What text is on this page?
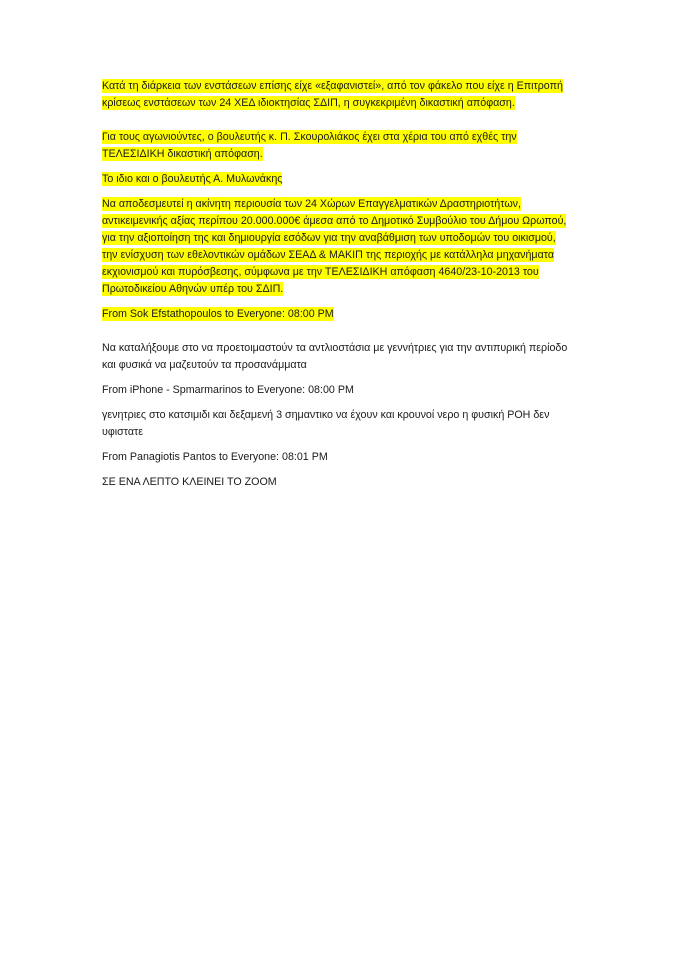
Κατά τη διάρκεια των ενστάσεων επίσης είχε «εξαφανιστεί», από τον φάκελο που είχε η Επιτροπή κρίσεως ενστάσεων των 24 ΧΕΔ ιδιοκτησίας ΣΔΙΠ, η συγκεκριμένη δικαστική απόφαση.

Για τους αγωνιούντες, ο βουλευτής κ. Π. Σκουρολιάκος έχει στα χέρια του από εχθές την ΤΕΛΕΣΙΔΙΚΗ δικαστική απόφαση.

Το ιδιο και ο βουλευτής Α. Μυλωνάκης

Να αποδεσμευτεί η ακίνητη περιουσία των 24 Χώρων Επαγγελματικών Δραστηριοτήτων, αντικειμενικής αξίας περίπου 20.000.000€ άμεσα από το Δημοτικό Συμβούλιο του Δήμου Ωρωπού, για την αξιοποίηση της και δημιουργία εσόδων για την αναβάθμιση των υποδομών του οικισμού, την ενίσχυση των εθελοντικών ομάδων ΣΕΑΔ & ΜΑΚΙΠ της περιοχής με κατάλληλα μηχανήματα εκχιονισμού και πυρόσβεσης, σύμφωνα με την ΤΕΛΕΣΙΔΙΚΗ απόφαση 4640/23-10-2013 του Πρωτοδικείου Αθηνών υπέρ του ΣΔΙΠ.

From Sok Efstathopoulos to Everyone: 08:00 PM

Να καταλήξουμε στο να προετοιμαστούν τα αντλιοστάσια με γεννήτριες για την αντιπυρική περίοδο και φυσικά να μαζευτούν τα προσανάμματα

From iPhone - Spmarmarinos to Everyone: 08:00 PM

γενητριες στο κατσιμιδι και δεξαμενή 3 σημαντικο να έχουν και κρουνοί νερο η φυσική ΡΟΗ δεν υφιστατε

From Panagiotis Pantos to Everyone: 08:01 PM

ΣΕ ΕΝΑ ΛΕΠΤΟ ΚΛΕΙΝΕΙ ΤΟ ΖΟΟΜ
